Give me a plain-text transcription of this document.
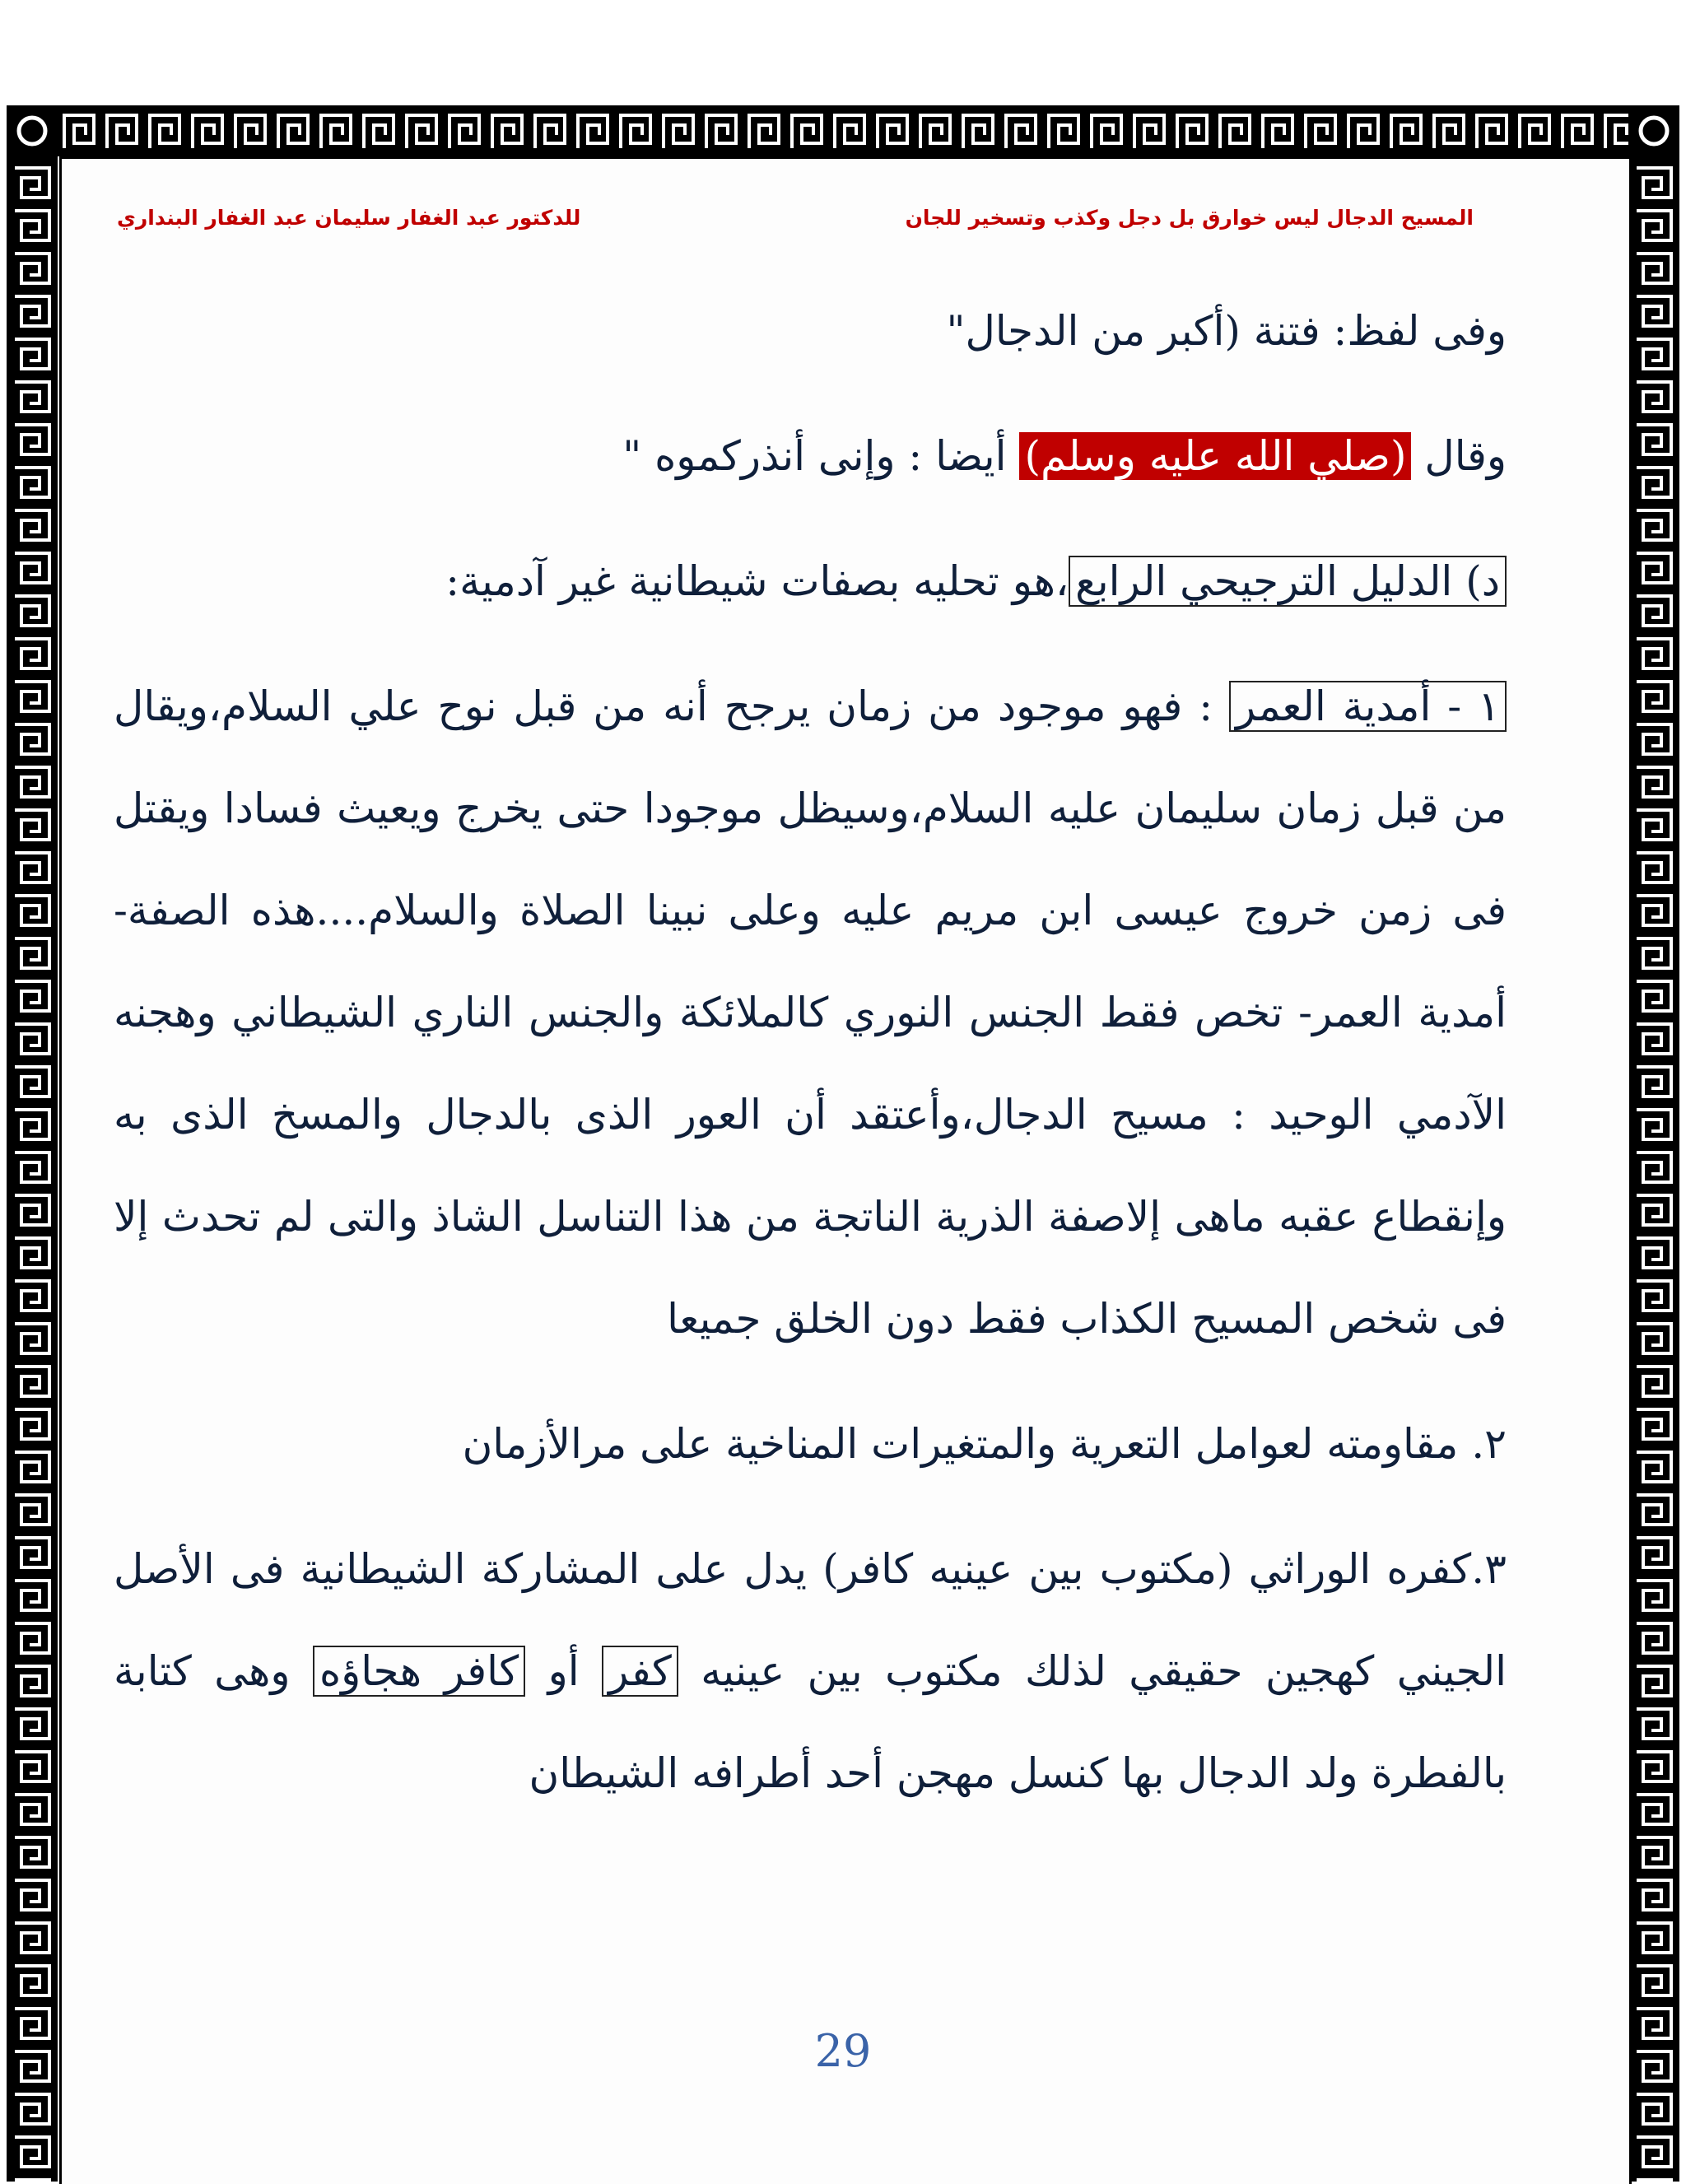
المسيح الدجال ليس خوارق بل دجل وكذب وتسخير للجان
للدكتور عبد الغفار سليمان عبد الغفار البنداري

وفى لفظ: فتنة (أكبر من الدجال"

وقال (صلي الله عليه وسلم) أيضا : وإنى أنذركموه "

د) الدليل الترجيحي الرابع،هو تحليه بصفات شيطانية غير آدمية:

١ - أمدية العمر : فهو موجود من زمان يرجح أنه من قبل نوح علي السلام،ويقال من قبل زمان سليمان عليه السلام،وسيظل موجودا حتى يخرج ويعيث فسادا ويقتل فى زمن خروج عيسى ابن مريم عليه وعلى نبينا الصلاة والسلام....هذه الصفة-أمدية العمر- تخص فقط الجنس النوري كالملائكة والجنس الناري الشيطاني وهجنه الآدمي الوحيد : مسيح الدجال،وأعتقد أن العور الذى بالدجال والمسخ الذى به وإنقطاع عقبه ماهى إلاصفة الذرية الناتجة من هذا التناسل الشاذ والتى لم تحدث إلا فى شخص المسيح الكذاب فقط دون الخلق جميعا

٢. مقاومته لعوامل التعرية والمتغيرات المناخية على مرالأزمان

٣.كفره الوراثي (مكتوب بين عينيه كافر) يدل على المشاركة الشيطانية فى الأصل الجيني كهجين حقيقي لذلك مكتوب بين عينيه كفر أو كافر هجاؤه وهى كتابة بالفطرة ولد الدجال بها كنسل مهجن أحد أطرافه الشيطان

29
